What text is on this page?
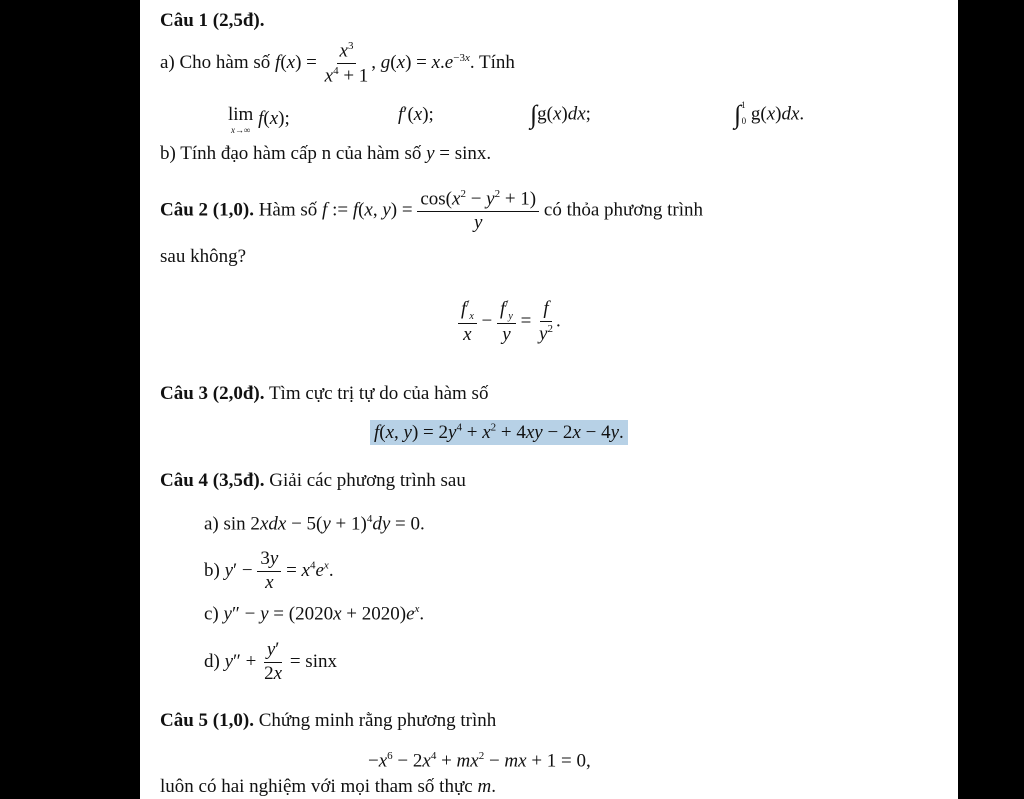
Câu 1 (2,5đ).
a) Cho hàm số $f(x) = \frac{x^3}{x^4 + 1}$ , $g(x) = x.e^{-3x}$. Tính
lim
x→∞
f(x);	f′(x);	∫g(x)dx;	∫$^1_0$ g(x)dx.
b) Tính đạo hàm cấp n của hàm số y = sinx.
Câu 2 (1,0). Hàm số f := f(x, $y) = \frac{\cos(x^2 - y^2 + 1)}{y}$ có thỏa phương trình
sau không?
$\frac{f^/_x}{x} - \frac{f^/_y}{y} = \frac{f}{y^2}$ .
Câu 3 (2,0đ). Tìm cực trị tự do của hàm số
f(x, $y) = 2y^4 + x^2 + 4xy - 2x - 4y$.
Câu 4 (3,5đ). Giải các phương trình sau
a) $\sin 2xdx - 5(y + 1)^4dy = 0$.
b) $y' - \frac{3y}{x} = x^4e^x$.
c) $y'' - y = (2020x + 2020)e^x$.
d) $y'' + \frac{y'}{2x} = \sin x$
Câu 5 (1,0). Chứng minh rằng phương trình
$-x^6 - 2x^4 + mx^2$ − mx + 1 = 0,
luôn có hai nghiệm với mọi tham số thực m.
